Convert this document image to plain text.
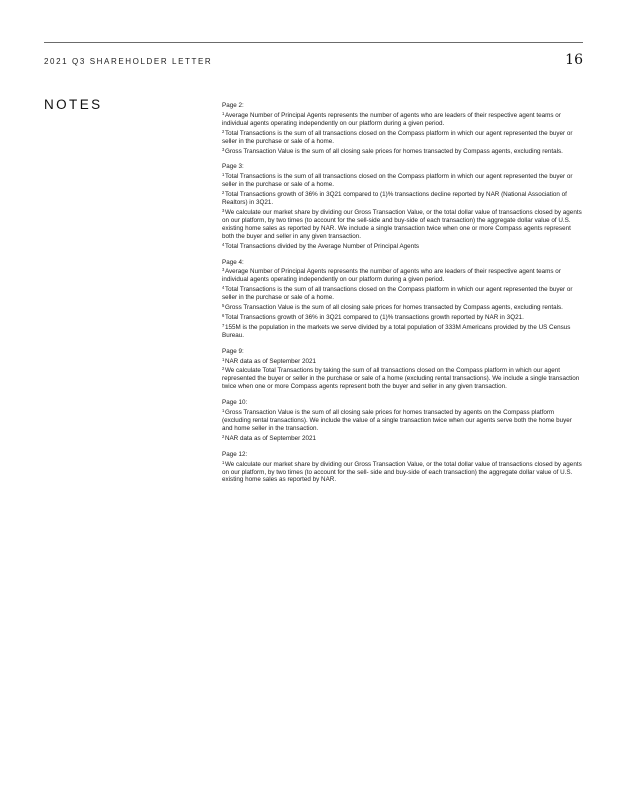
2021 Q3 SHAREHOLDER LETTER	16
NOTES	Page 2:
$^1$Average Number of Principal Agents represents the number of agents who are leaders of their respective agent teams or individual agents operating independently on our platform during a given period.
$^2$Total Transactions is the sum of all transactions closed on the Compass platform in which our agent represented the buyer or seller in the purchase or sale of a home.
$^3$Gross Transaction Value is the sum of all closing sale prices for homes transacted by Compass agents, excluding rentals.
Page 3:
$^1$Total Transactions is the sum of all transactions closed on the Compass platform in which our agent represented the buyer or seller in the purchase or sale of a home.
$^2$Total Transactions growth of 36% in 3Q21 compared to (1)% transactions decline reported by NAR (National Association of Realtors) in 3Q21.
$^3$We calculate our market share by dividing our Gross Transaction Value, or the total dollar value of transactions closed by agents on our platform, by two times (to account for the sell-side and buy-side of each transaction) the aggregate dollar value of U.S. existing home sales as reported by NAR. We include a single transaction twice when one or more Compass agents represent both the buyer and seller in any given transaction.
$^4$Total Transactions divided by the Average Number of Principal Agents
Page 4:
$^3$Average Number of Principal Agents represents the number of agents who are leaders of their respective agent teams or individual agents operating independently on our platform during a given period.
$^4$Total Transactions is the sum of all transactions closed on the Compass platform in which our agent represented the buyer or seller in the purchase or sale of a home.
$^5$Gross Transaction Value is the sum of all closing sale prices for homes transacted by Compass agents, excluding rentals.
$^6$Total Transactions growth of 36% in 3Q21 compared to (1)% transactions growth reported by NAR in 3Q21.
$^7$155M is the population in the markets we serve divided by a total population of 333M Americans provided by the US Census Bureau.
Page 9:
$^1$NAR data as of September 2021
$^2$We calculate Total Transactions by taking the sum of all transactions closed on the Compass platform in which our agent represented the buyer or seller in the purchase or sale of a home (excluding rental transactions). We include a single transaction twice when one or more Compass agents represent both the buyer and seller in any given transaction.
Page 10:
$^1$Gross Transaction Value is the sum of all closing sale prices for homes transacted by agents on the Compass platform (excluding rental transactions). We include the value of a single transaction twice when our agents serve both the home buyer and home seller in the transaction.
$^2$NAR data as of September 2021
Page 12:
$^1$We calculate our market share by dividing our Gross Transaction Value, or the total dollar value of transactions closed by agents on our platform, by two times (to account for the sell- side and buy-side of each transaction) the aggregate dollar value of U.S. existing home sales as reported by NAR.
